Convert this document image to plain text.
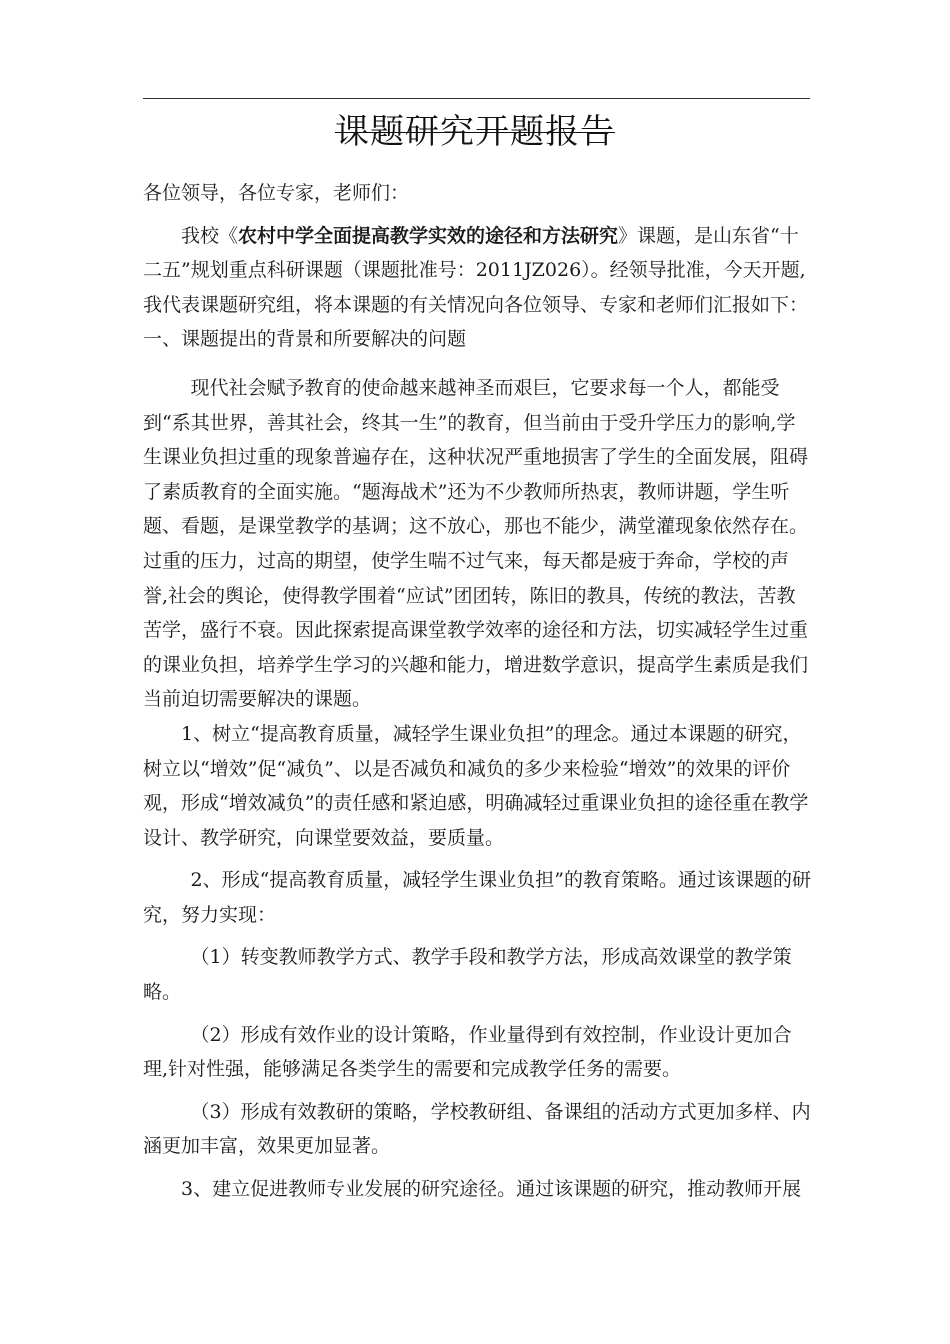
课题研究开题报告

各位领导，各位专家，老师们：

我校《农村中学全面提高教学实效的途径和方法研究》课题，是山东省“十二五”规划重点科研课题（课题批准号：2011JZ026）。经领导批准，今天开题,我代表课题研究组，将本课题的有关情况向各位领导、专家和老师们汇报如下：一、课题提出的背景和所要解决的问题

现代社会赋予教育的使命越来越神圣而艰巨，它要求每一个人，都能受到“系其世界，善其社会，终其一生”的教育，但当前由于受升学压力的影响,学生课业负担过重的现象普遍存在，这种状况严重地损害了学生的全面发展，阻碍了素质教育的全面实施。“题海战术”还为不少教师所热衷，教师讲题，学生听题、看题，是课堂教学的基调；这不放心，那也不能少，满堂灌现象依然存在。过重的压力，过高的期望，使学生喘不过气来，每天都是疲于奔命，学校的声誉,社会的舆论，使得教学围着“应试”团团转，陈旧的教具，传统的教法，苦教苦学，盛行不衰。因此探索提高课堂教学效率的途径和方法，切实减轻学生过重的课业负担，培养学生学习的兴趣和能力，增进数学意识，提高学生素质是我们当前迫切需要解决的课题。

1、树立“提高教育质量，减轻学生课业负担”的理念。通过本课题的研究，树立以“增效”促“减负”、以是否减负和减负的多少来检验“增效”的效果的评价观，形成“增效减负”的责任感和紧迫感，明确减轻过重课业负担的途径重在教学设计、教学研究，向课堂要效益，要质量。

2、形成“提高教育质量，减轻学生课业负担”的教育策略。通过该课题的研究，努力实现：

（1）转变教师教学方式、教学手段和教学方法，形成高效课堂的教学策略。

（2）形成有效作业的设计策略，作业量得到有效控制，作业设计更加合理,针对性强，能够满足各类学生的需要和完成教学任务的需要。

（3）形成有效教研的策略，学校教研组、备课组的活动方式更加多样、内涵更加丰富，效果更加显著。

3、建立促进教师专业发展的研究途径。通过该课题的研究，推动教师开展
